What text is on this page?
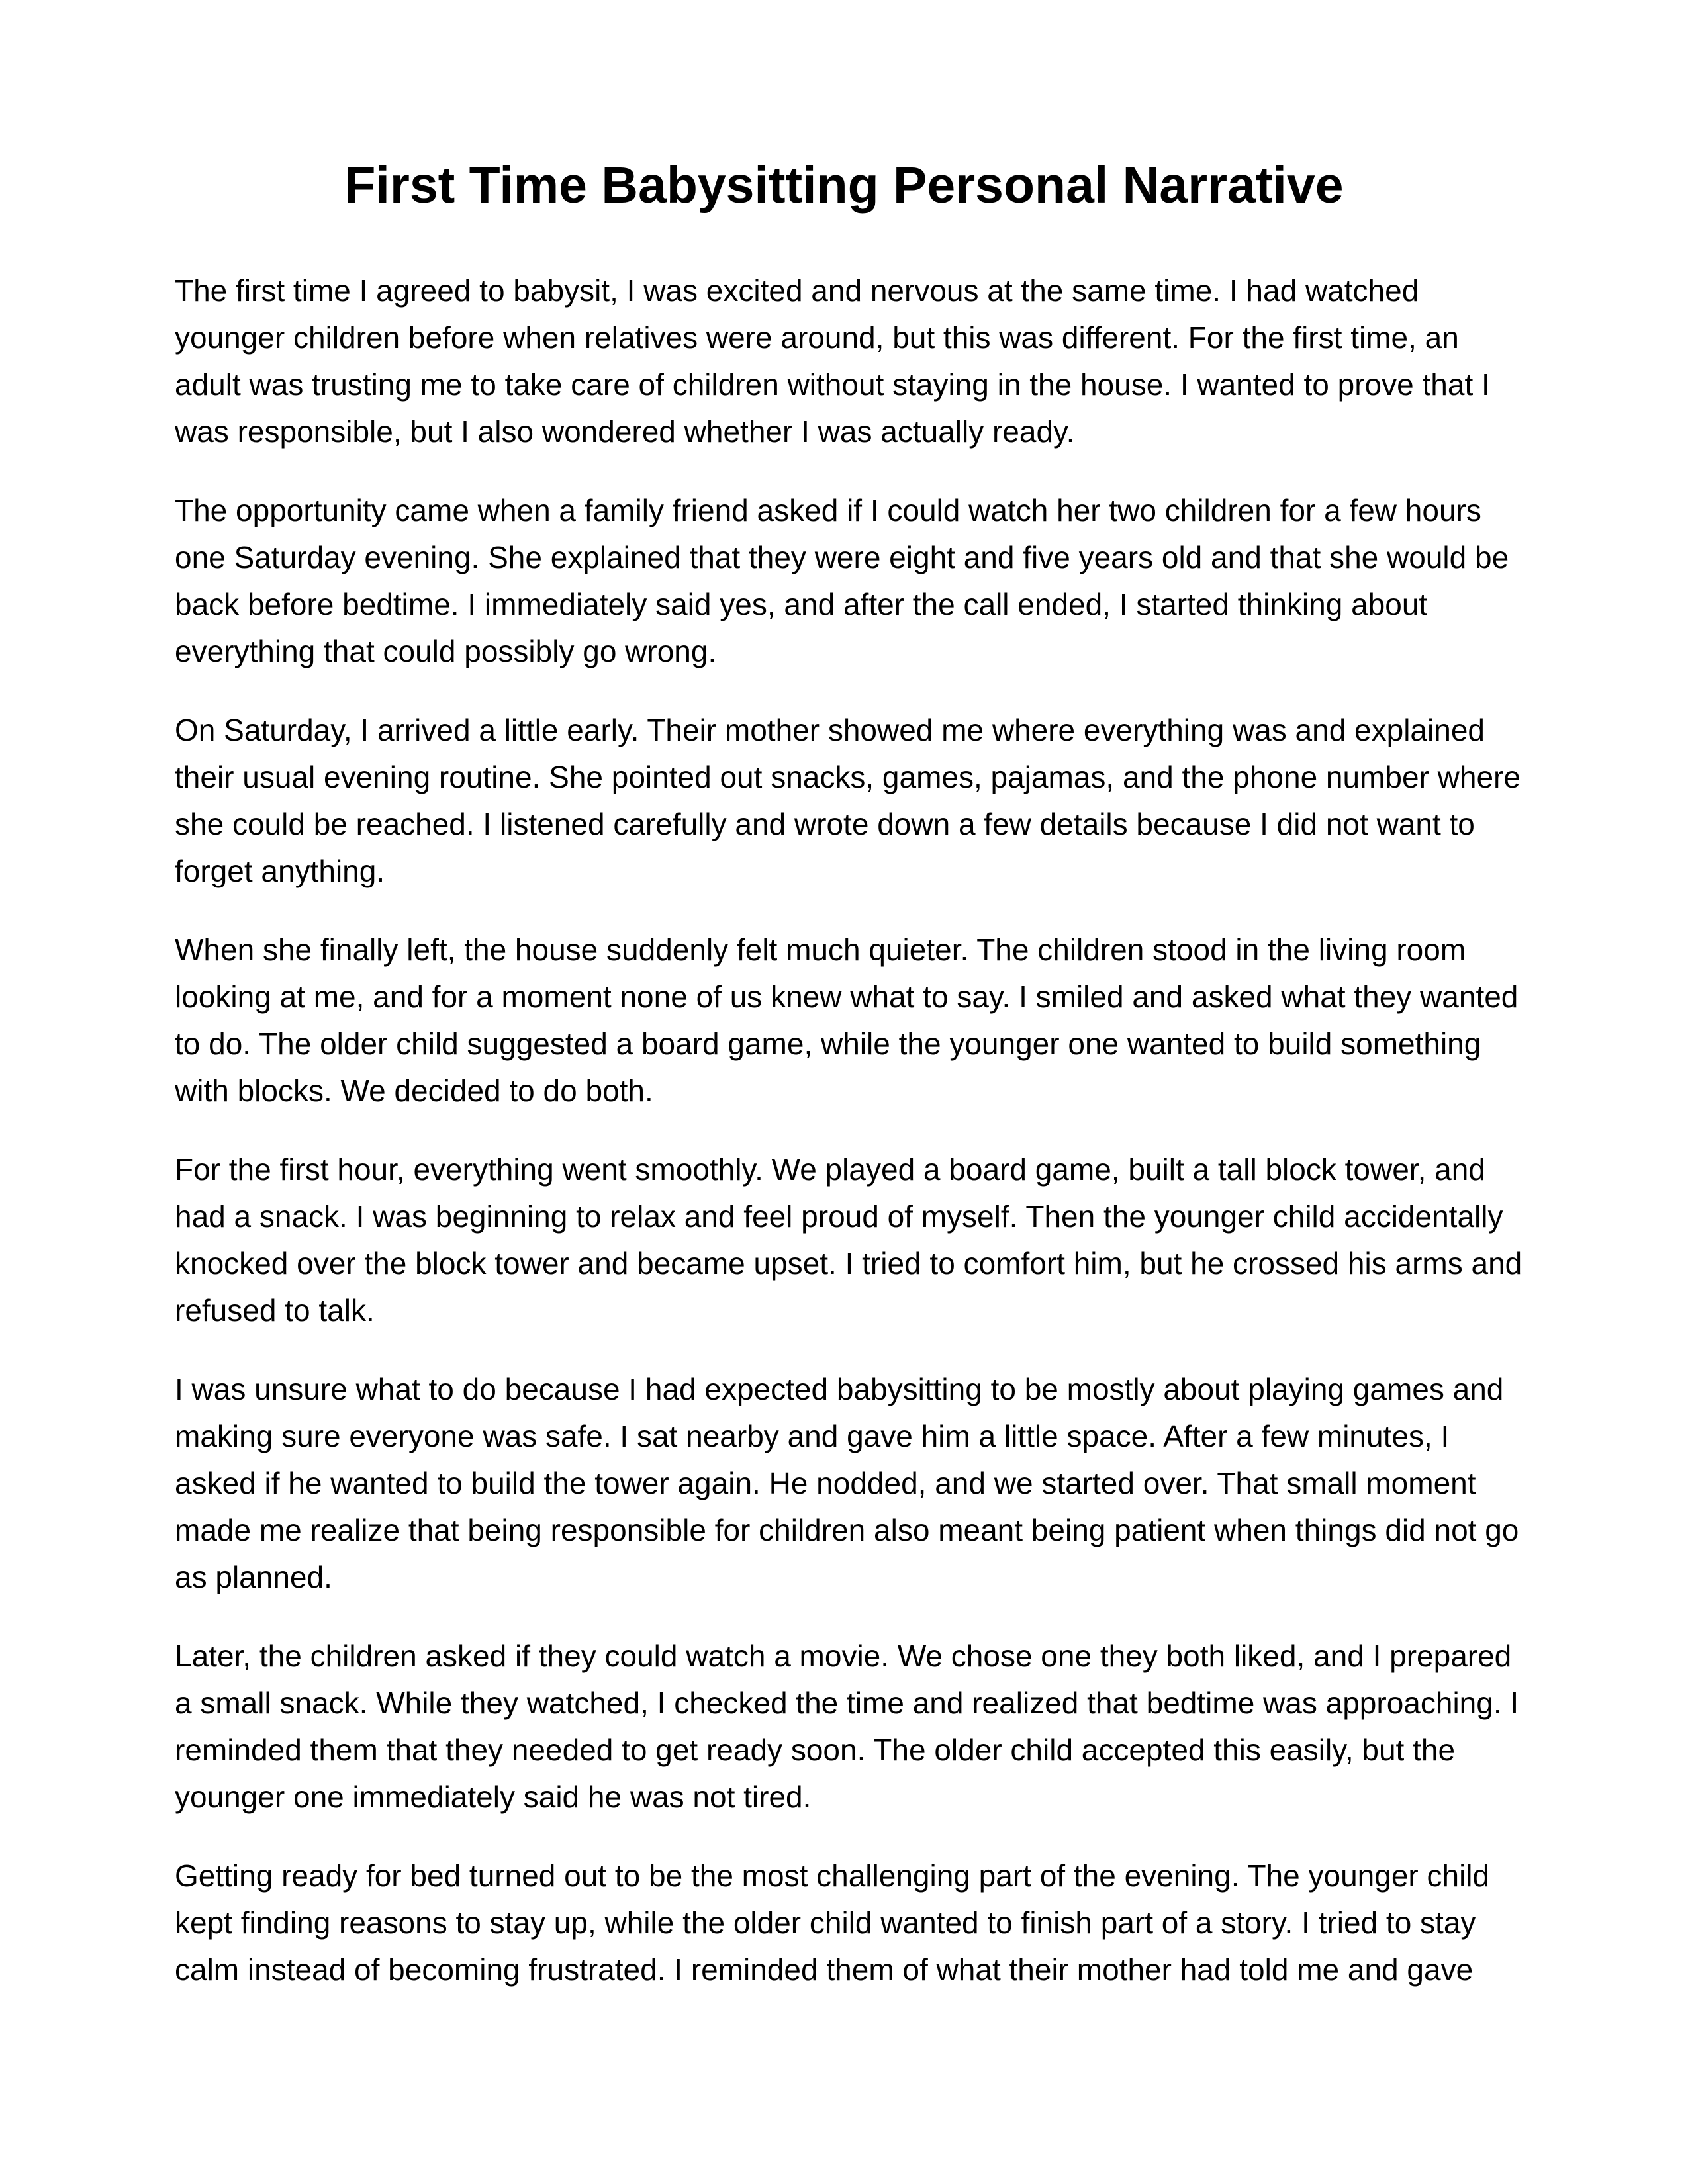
First Time Babysitting Personal Narrative

The first time I agreed to babysit, I was excited and nervous at the same time. I had watched
younger children before when relatives were around, but this was different. For the first time, an
adult was trusting me to take care of children without staying in the house. I wanted to prove that I
was responsible, but I also wondered whether I was actually ready.

The opportunity came when a family friend asked if I could watch her two children for a few hours
one Saturday evening. She explained that they were eight and five years old and that she would be
back before bedtime. I immediately said yes, and after the call ended, I started thinking about
everything that could possibly go wrong.

On Saturday, I arrived a little early. Their mother showed me where everything was and explained
their usual evening routine. She pointed out snacks, games, pajamas, and the phone number where
she could be reached. I listened carefully and wrote down a few details because I did not want to
forget anything.

When she finally left, the house suddenly felt much quieter. The children stood in the living room
looking at me, and for a moment none of us knew what to say. I smiled and asked what they wanted
to do. The older child suggested a board game, while the younger one wanted to build something
with blocks. We decided to do both.

For the first hour, everything went smoothly. We played a board game, built a tall block tower, and
had a snack. I was beginning to relax and feel proud of myself. Then the younger child accidentally
knocked over the block tower and became upset. I tried to comfort him, but he crossed his arms and
refused to talk.

I was unsure what to do because I had expected babysitting to be mostly about playing games and
making sure everyone was safe. I sat nearby and gave him a little space. After a few minutes, I
asked if he wanted to build the tower again. He nodded, and we started over. That small moment
made me realize that being responsible for children also meant being patient when things did not go
as planned.

Later, the children asked if they could watch a movie. We chose one they both liked, and I prepared
a small snack. While they watched, I checked the time and realized that bedtime was approaching. I
reminded them that they needed to get ready soon. The older child accepted this easily, but the
younger one immediately said he was not tired.

Getting ready for bed turned out to be the most challenging part of the evening. The younger child
kept finding reasons to stay up, while the older child wanted to finish part of a story. I tried to stay
calm instead of becoming frustrated. I reminded them of what their mother had told me and gave
